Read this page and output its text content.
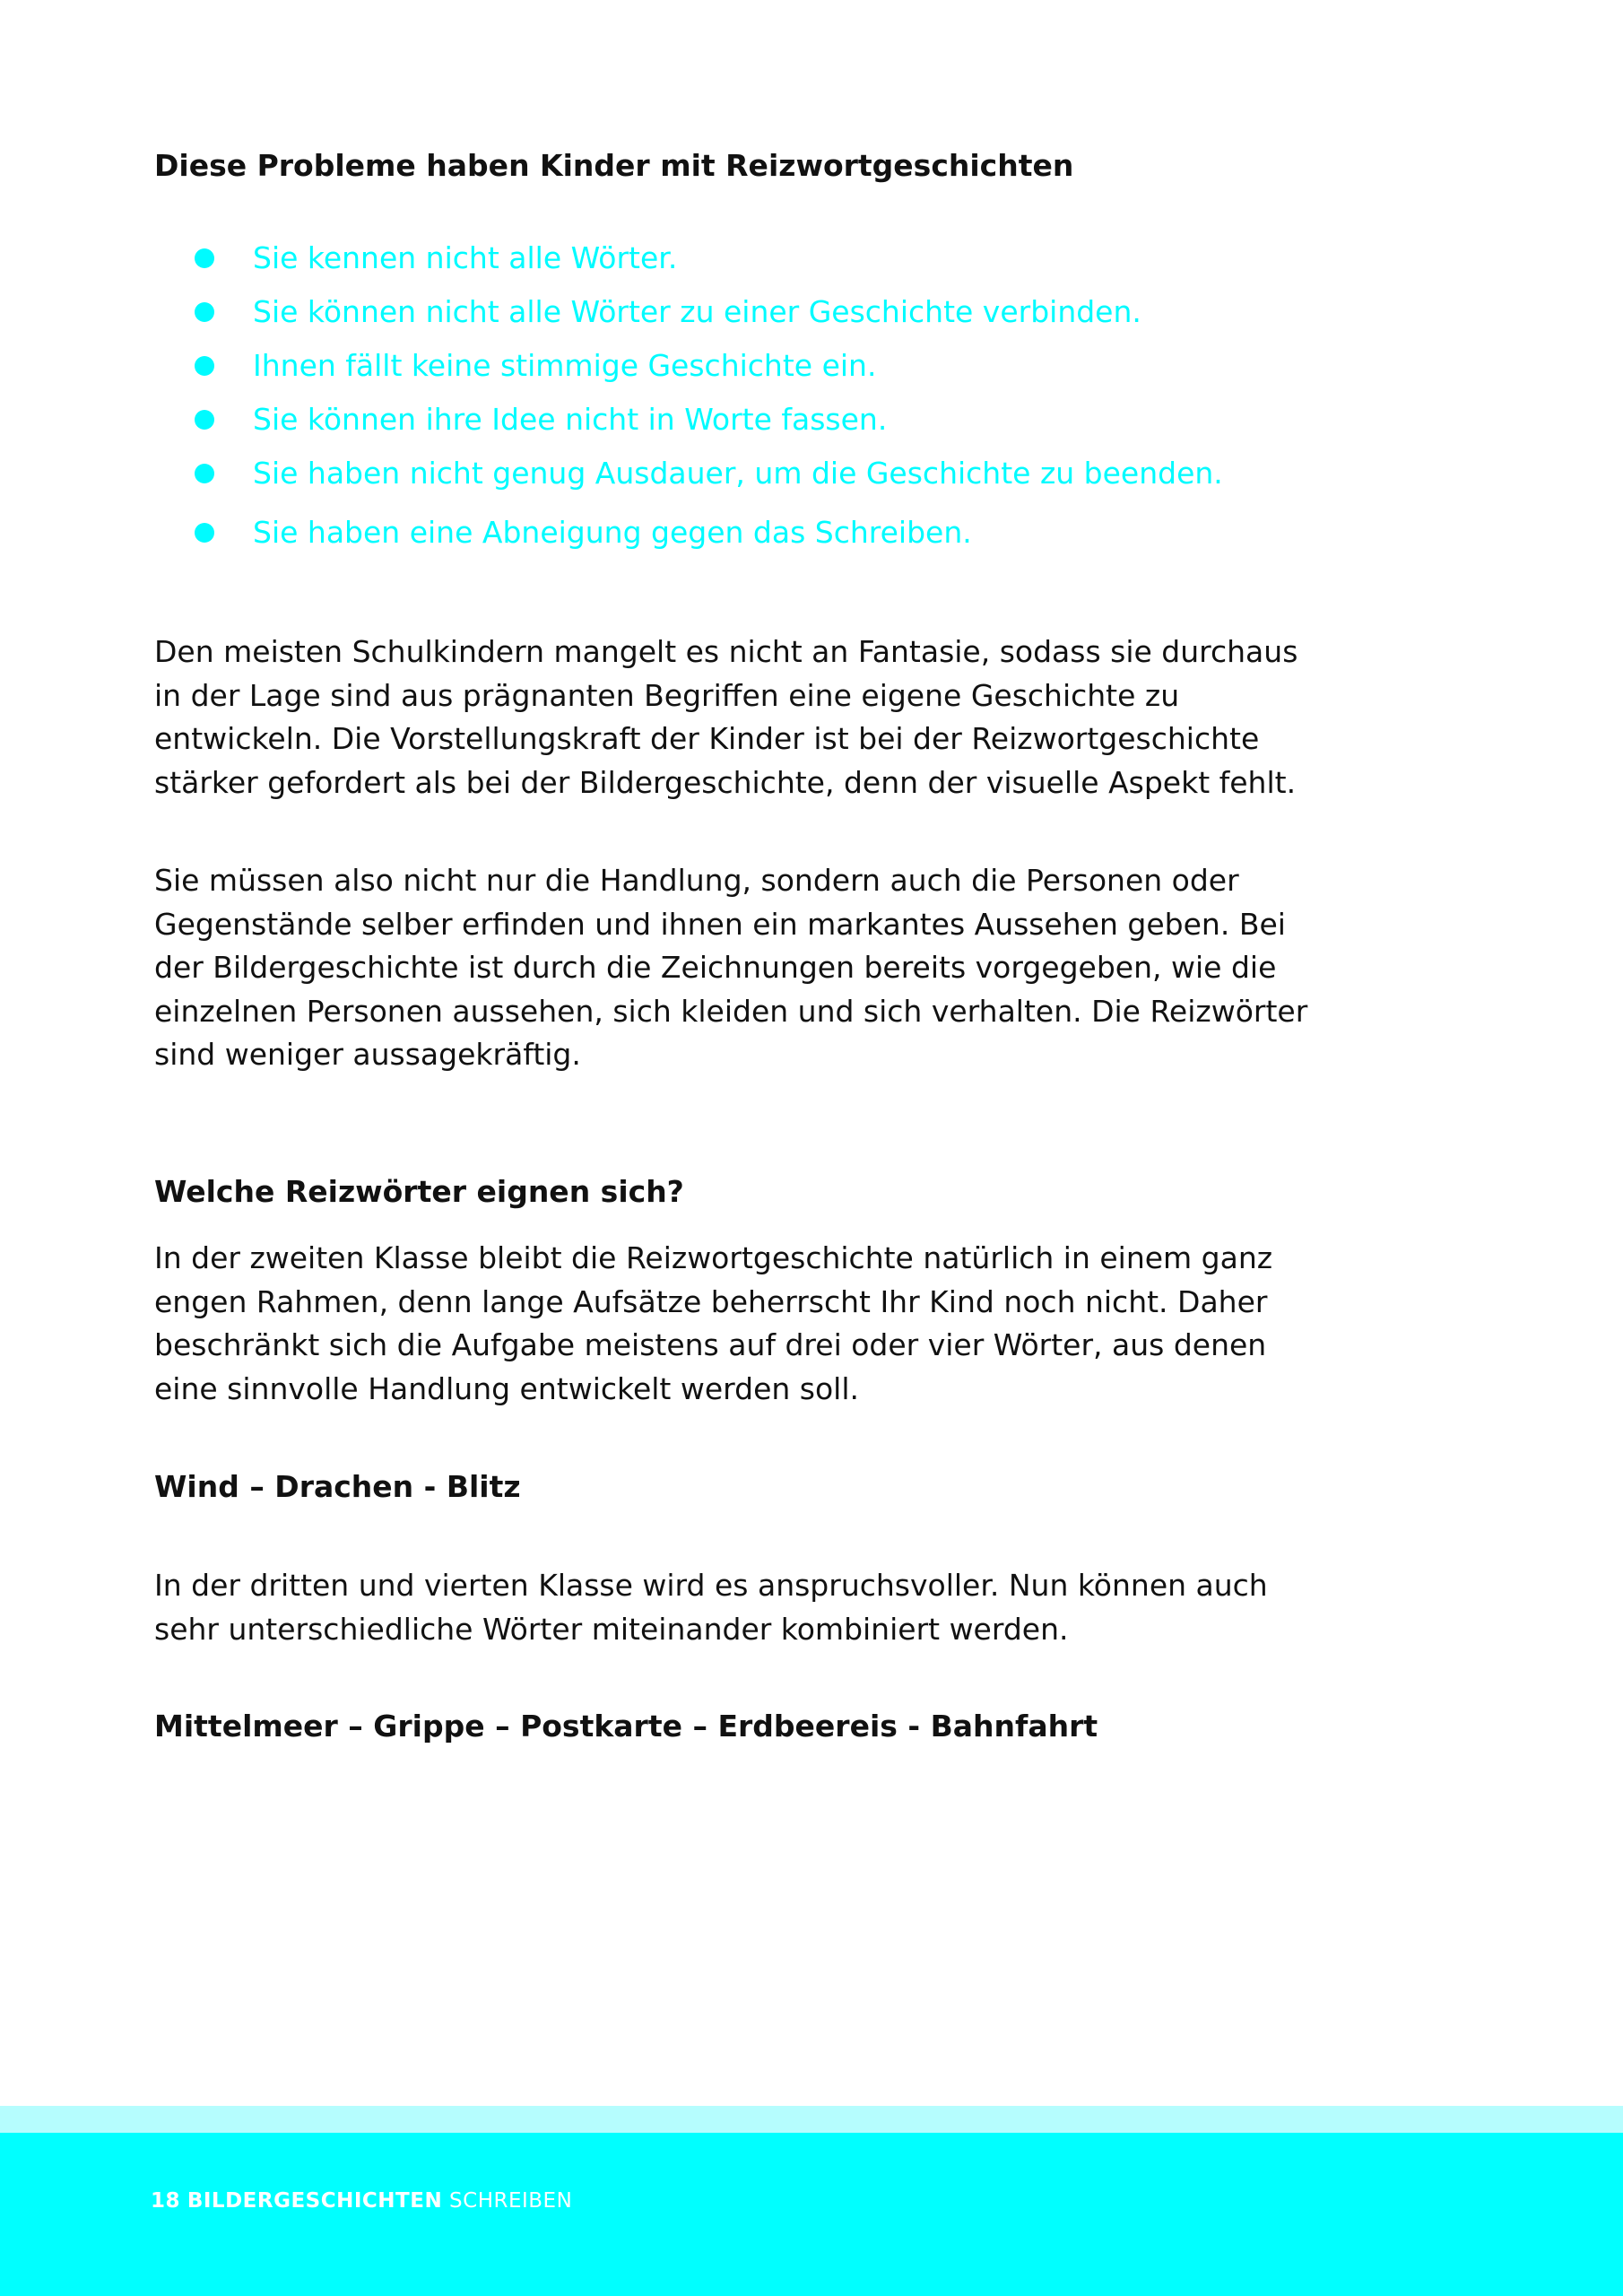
Diese Probleme haben Kinder mit Reizwortgeschichten
Sie kennen nicht alle Wörter.
Sie können nicht alle Wörter zu einer Geschichte verbinden.
Ihnen fällt keine stimmige Geschichte ein.
Sie können ihre Idee nicht in Worte fassen.
Sie haben nicht genug Ausdauer, um die Geschichte zu beenden.
Sie haben eine Abneigung gegen das Schreiben.

Den meisten Schulkindern mangelt es nicht an Fantasie, sodass sie durchaus in der Lage sind aus prägnanten Begriffen eine eigene Geschichte zu entwickeln. Die Vorstellungskraft der Kinder ist bei der Reizwortgeschichte stärker gefordert als bei der Bildergeschichte, denn der visuelle Aspekt fehlt.

Sie müssen also nicht nur die Handlung, sondern auch die Personen oder Gegenstände selber erfinden und ihnen ein markantes Aussehen geben. Bei der Bildergeschichte ist durch die Zeichnungen bereits vorgegeben, wie die einzelnen Personen aussehen, sich kleiden und sich verhalten. Die Reizwörter sind weniger aussagekräftig.

Welche Reizwörter eignen sich?

In der zweiten Klasse bleibt die Reizwortgeschichte natürlich in einem ganz engen Rahmen, denn lange Aufsätze beherrscht Ihr Kind noch nicht. Daher beschränkt sich die Aufgabe meistens auf drei oder vier Wörter, aus denen eine sinnvolle Handlung entwickelt werden soll.

Wind – Drachen - Blitz

In der dritten und vierten Klasse wird es anspruchsvoller. Nun können auch sehr unterschiedliche Wörter miteinander kombiniert werden.

Mittelmeer – Grippe – Postkarte – Erdbeereis - Bahnfahrt

18 BILDERGESCHICHTEN SCHREIBEN
